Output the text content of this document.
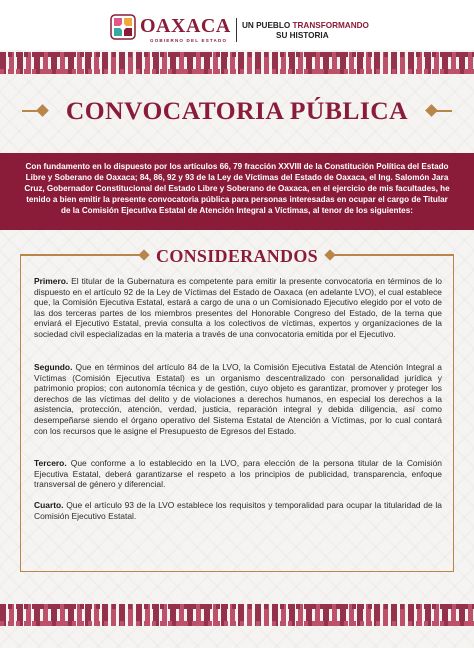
OAXACA
GOBIERNO DEL ESTADO
UN PUEBLO TRANSFORMANDO
SU HISTORIA
CONVOCATORIA PÚBLICA
Con fundamento en lo dispuesto por los artículos 66, 79 fracción XXVIII de la Constitución Política del Estado Libre y Soberano de Oaxaca; 84, 86, 92 y 93 de la Ley de Víctimas del Estado de Oaxaca, el Ing. Salomón Jara Cruz, Gobernador Constitucional del Estado Libre y Soberano de Oaxaca, en el ejercicio de mis facultades, he tenido a bien emitir la presente convocatoria pública para personas interesadas en ocupar el cargo de Titular de la Comisión Ejecutiva Estatal de Atención Integral a Víctimas, al tenor de los siguientes:
CONSIDERANDOS
Primero. El titular de la Gubernatura es competente para emitir la presente convocatoria en términos de lo dispuesto en el artículo 92 de la Ley de Víctimas del Estado de Oaxaca (en adelante LVO), el cual establece que, la Comisión Ejecutiva Estatal, estará a cargo de una o un Comisionado Ejecutivo elegido por el voto de las dos terceras partes de los miembros presentes del Honorable Congreso del Estado, de la terna que enviará el Ejecutivo Estatal, previa consulta a los colectivos de víctimas, expertos y organizaciones de la sociedad civil especializadas en la materia a través de una convocatoria emitida por el Ejecutivo.
Segundo. Que en términos del artículo 84 de la LVO, la Comisión Ejecutiva Estatal de Atención Integral a Víctimas (Comisión Ejecutiva Estatal) es un organismo descentralizado con personalidad jurídica y patrimonio propios; con autonomía técnica y de gestión, cuyo objeto es garantizar, promover y proteger los derechos de las víctimas del delito y de violaciones a derechos humanos, en especial los derechos a la asistencia, protección, atención, verdad, justicia, reparación integral y debida diligencia, así como desempeñarse siendo el órgano operativo del Sistema Estatal de Atención a Víctimas, por lo cual contará con los recursos que le asigne el Presupuesto de Egresos del Estado.
Tercero. Que conforme a lo establecido en la LVO, para elección de la persona titular de la Comisión Ejecutiva Estatal, deberá garantizarse el respeto a los principios de publicidad, transparencia, enfoque transversal de género y diferencial.
Cuarto. Que el artículo 93 de la LVO establece los requisitos y temporalidad para ocupar la titularidad de la Comisión Ejecutivo Estatal.
